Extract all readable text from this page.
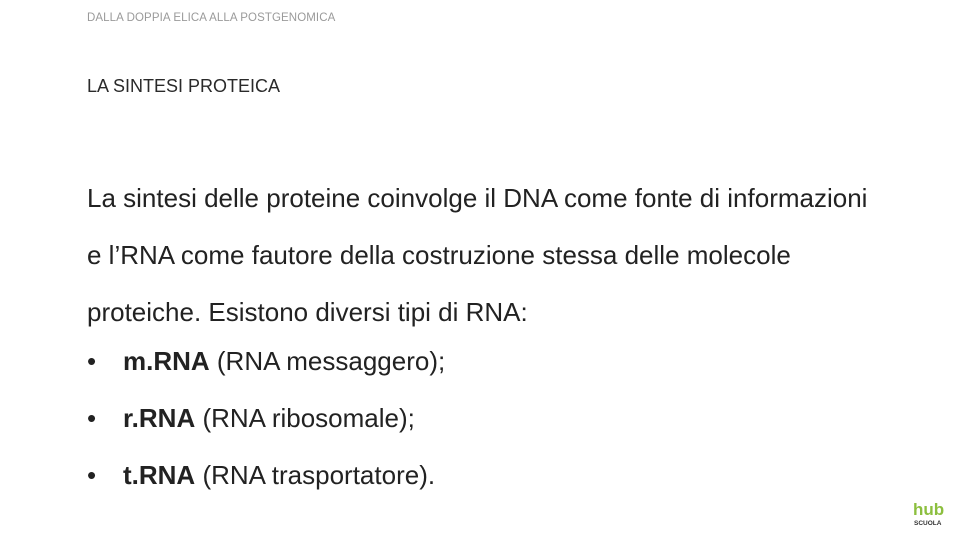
DALLA DOPPIA ELICA ALLA POSTGENOMICA
LA SINTESI PROTEICA
La sintesi delle proteine coinvolge il DNA come fonte di informazioni e l’RNA come fautore della costruzione stessa delle molecole proteiche. Esistono diversi tipi di RNA:
•	m.RNA (RNA messaggero);
•	r.RNA (RNA ribosomale);
•	t.RNA (RNA trasportatore).
hub
SCUOLA
